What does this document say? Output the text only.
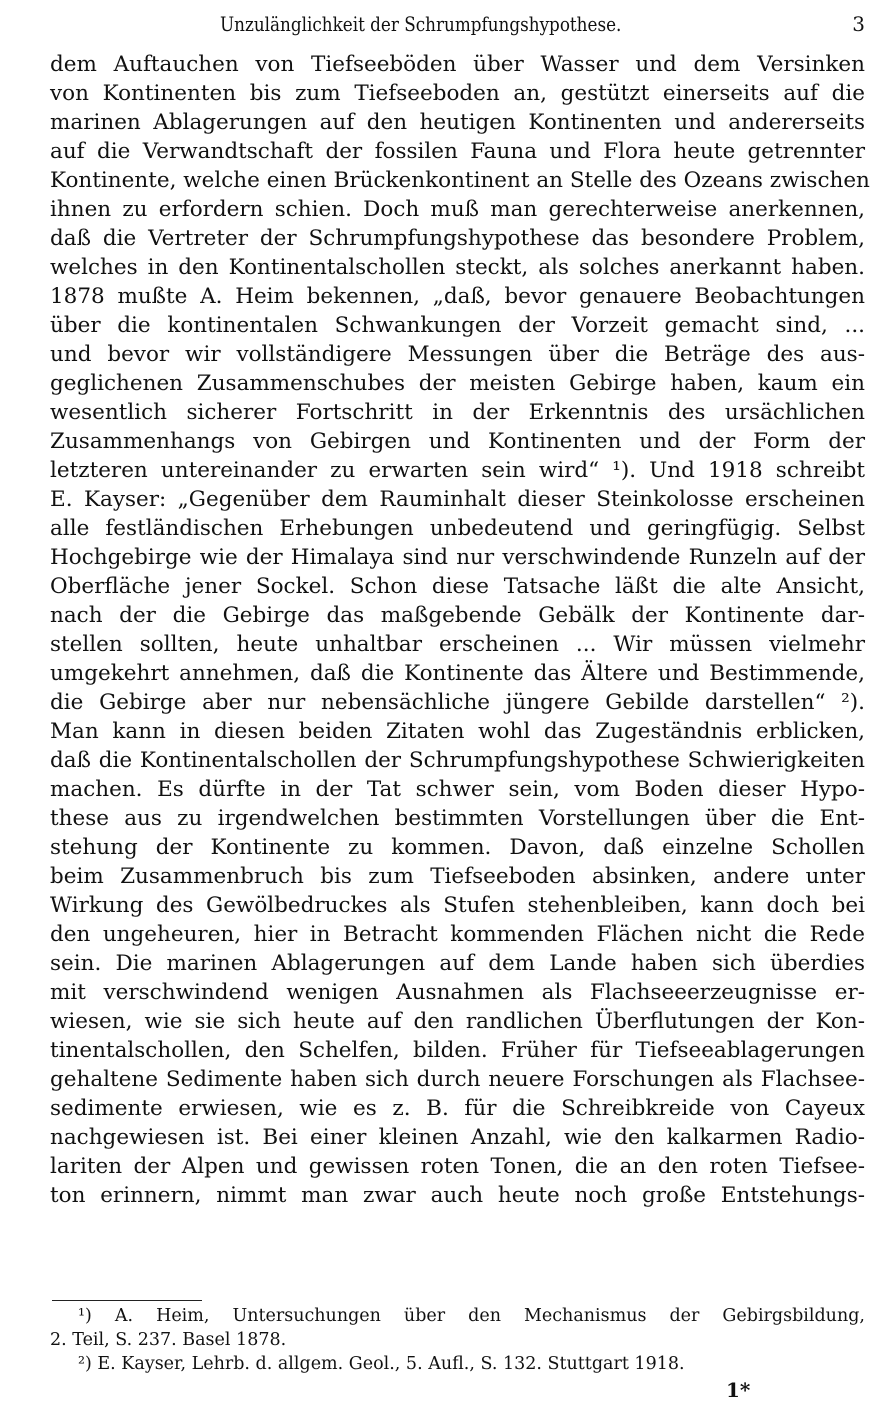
Unzulänglichkeit der Schrumpfungshypothese.	3
dem Auftauchen von Tiefseeböden über Wasser und dem Versinken
von Kontinenten bis zum Tiefseeboden an, gestützt einerseits auf die
marinen Ablagerungen auf den heutigen Kontinenten und andererseits
auf die Verwandtschaft der fossilen Fauna und Flora heute getrennter
Kontinente, welche einen Brückenkontinent an Stelle des Ozeans zwischen
ihnen zu erfordern schien. Doch muß man gerechterweise anerkennen,
daß die Vertreter der Schrumpfungshypothese das besondere Problem,
welches in den Kontinentalschollen steckt, als solches anerkannt haben.
1878 mußte A. Heim bekennen, „daß, bevor genauere Beobachtungen
über die kontinentalen Schwankungen der Vorzeit gemacht sind, ...
und bevor wir vollständigere Messungen über die Beträge des aus-
geglichenen Zusammenschubes der meisten Gebirge haben, kaum ein
wesentlich sicherer Fortschritt in der Erkenntnis des ursächlichen
Zusammenhangs von Gebirgen und Kontinenten und der Form der
letzteren untereinander zu erwarten sein wird“ ¹). Und 1918 schreibt
E. Kayser: „Gegenüber dem Rauminhalt dieser Steinkolosse erscheinen
alle festländischen Erhebungen unbedeutend und geringfügig. Selbst
Hochgebirge wie der Himalaya sind nur verschwindende Runzeln auf der
Oberfläche jener Sockel. Schon diese Tatsache läßt die alte Ansicht,
nach der die Gebirge das maßgebende Gebälk der Kontinente dar-
stellen sollten, heute unhaltbar erscheinen ... Wir müssen vielmehr
umgekehrt annehmen, daß die Kontinente das Ältere und Bestimmende,
die Gebirge aber nur nebensächliche jüngere Gebilde darstellen“ ²).
Man kann in diesen beiden Zitaten wohl das Zugeständnis erblicken,
daß die Kontinentalschollen der Schrumpfungshypothese Schwierigkeiten
machen. Es dürfte in der Tat schwer sein, vom Boden dieser Hypo-
these aus zu irgendwelchen bestimmten Vorstellungen über die Ent-
stehung der Kontinente zu kommen. Davon, daß einzelne Schollen
beim Zusammenbruch bis zum Tiefseeboden absinken, andere unter
Wirkung des Gewölbedruckes als Stufen stehenbleiben, kann doch bei
den ungeheuren, hier in Betracht kommenden Flächen nicht die Rede
sein. Die marinen Ablagerungen auf dem Lande haben sich überdies
mit verschwindend wenigen Ausnahmen als Flachseeerzeugnisse er-
wiesen, wie sie sich heute auf den randlichen Überflutungen der Kon-
tinentalschollen, den Schelfen, bilden. Früher für Tiefseeablagerungen
gehaltene Sedimente haben sich durch neuere Forschungen als Flachsee-
sedimente erwiesen, wie es z. B. für die Schreibkreide von Cayeux
nachgewiesen ist. Bei einer kleinen Anzahl, wie den kalkarmen Radio-
lariten der Alpen und gewissen roten Tonen, die an den roten Tiefsee-
ton erinnern, nimmt man zwar auch heute noch große Entstehungs-
¹) A. Heim, Untersuchungen über den Mechanismus der Gebirgsbildung,
2. Teil, S. 237. Basel 1878.
²) E. Kayser, Lehrb. d. allgem. Geol., 5. Aufl., S. 132. Stuttgart 1918.
1*
